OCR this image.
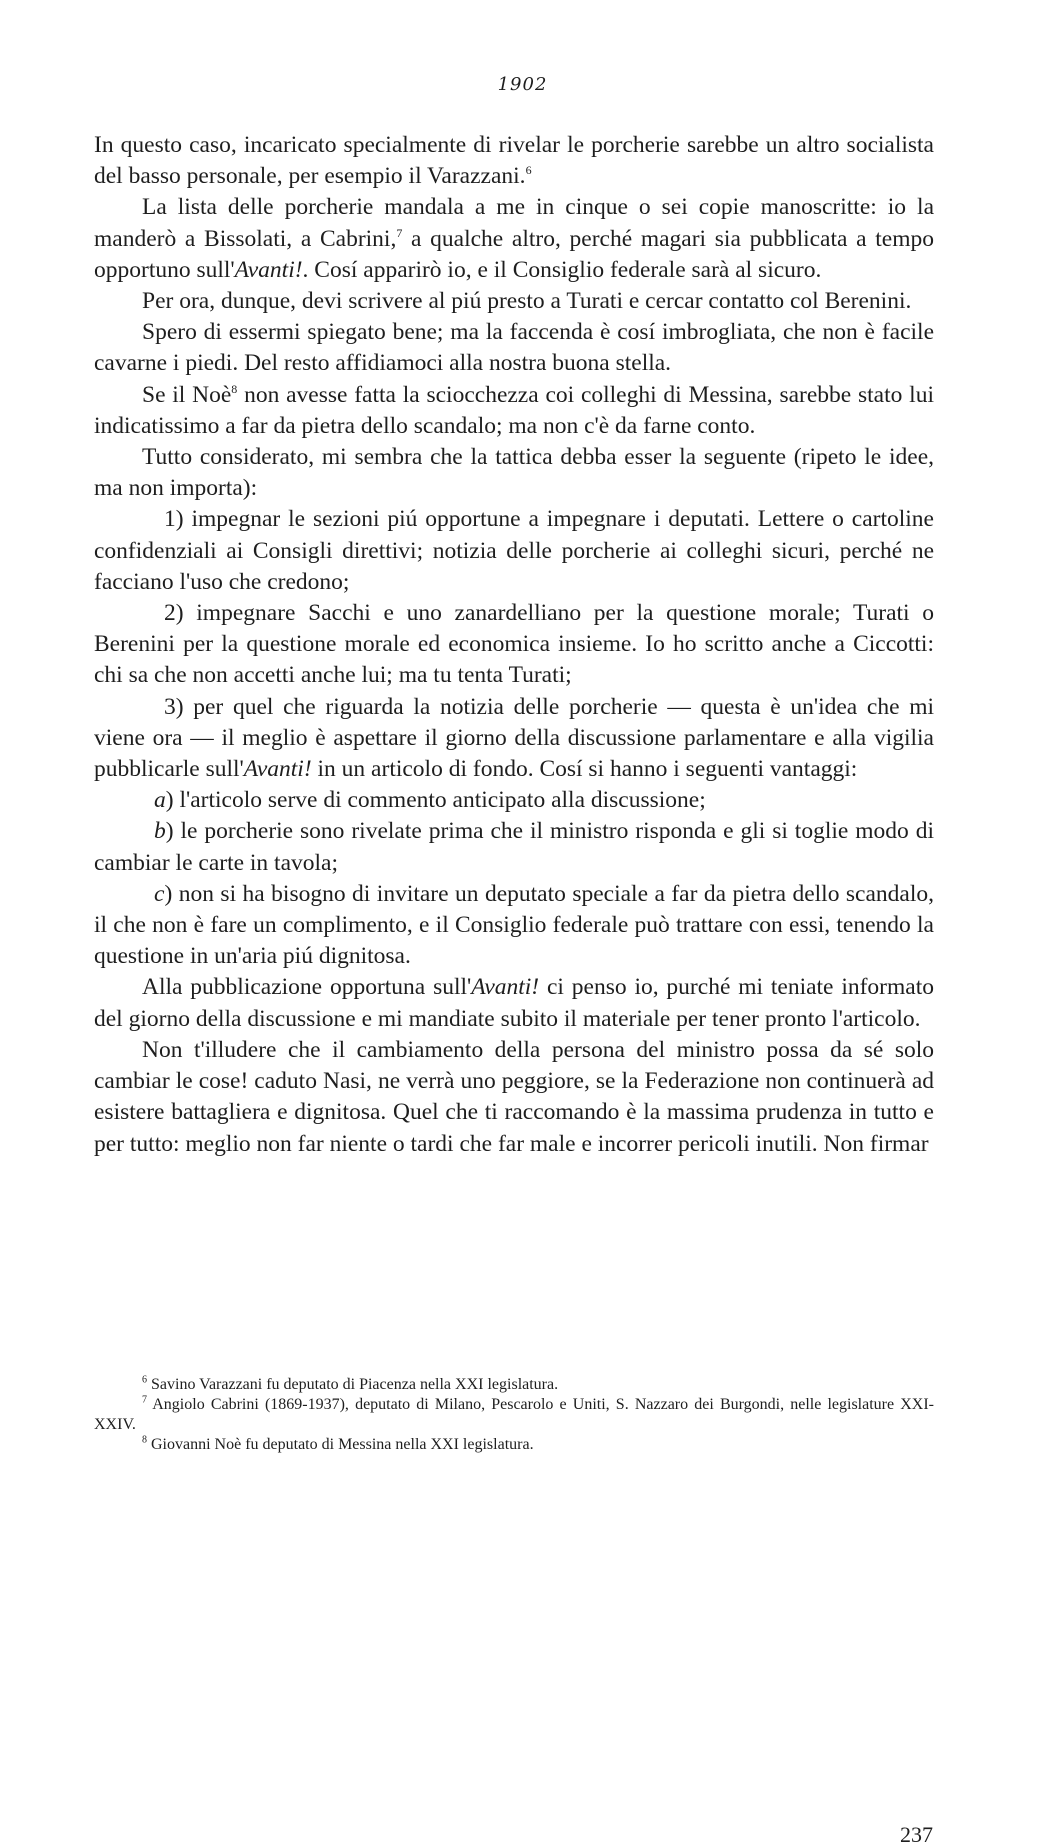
1902

In questo caso, incaricato specialmente di rivelar le porcherie sarebbe un altro socialista del basso personale, per esempio il Varazzani.$^6$

La lista delle porcherie mandala a me in cinque o sei copie manoscritte: io la manderò a Bissolati, a Cabrini,$^7$ a qualche altro, perché magari sia pubblicata a tempo opportuno sull'Avanti!. Cosí apparirò io, e il Consiglio federale sarà al sicuro.

Per ora, dunque, devi scrivere al piú presto a Turati e cercar contatto col Berenini.

Spero di essermi spiegato bene; ma la faccenda è cosí imbrogliata, che non è facile cavarne i piedi. Del resto affidiamoci alla nostra buona stella.

Se il Noè$^8$ non avesse fatta la sciocchezza coi colleghi di Messina, sarebbe stato lui indicatissimo a far da pietra dello scandalo; ma non c'è da farne conto.

Tutto considerato, mi sembra che la tattica debba esser la seguente (ripeto le idee, ma non importa):

1) impegnar le sezioni piú opportune a impegnare i deputati. Lettere o cartoline confidenziali ai Consigli direttivi; notizia delle porcherie ai colleghi sicuri, perché ne facciano l'uso che credono;

2) impegnare Sacchi e uno zanardelliano per la questione morale; Turati o Berenini per la questione morale ed economica insieme. Io ho scritto anche a Ciccotti: chi sa che non accetti anche lui; ma tu tenta Turati;

3) per quel che riguarda la notizia delle porcherie — questa è un'idea che mi viene ora — il meglio è aspettare il giorno della discussione parlamentare e alla vigilia pubblicarle sull'Avanti! in un articolo di fondo. Cosí si hanno i seguenti vantaggi:

a) l'articolo serve di commento anticipato alla discussione;

b) le porcherie sono rivelate prima che il ministro risponda e gli si toglie modo di cambiar le carte in tavola;

c) non si ha bisogno di invitare un deputato speciale a far da pietra dello scandalo, il che non è fare un complimento, e il Consiglio federale può trattare con essi, tenendo la questione in un'aria piú dignitosa.

Alla pubblicazione opportuna sull'Avanti! ci penso io, purché mi teniate informato del giorno della discussione e mi mandiate subito il materiale per tener pronto l'articolo.

Non t'illudere che il cambiamento della persona del ministro possa da sé solo cambiar le cose! caduto Nasi, ne verrà uno peggiore, se la Federazione non continuerà ad esistere battagliera e dignitosa. Quel che ti raccomando è la massima prudenza in tutto e per tutto: meglio non far niente o tardi che far male e incorrer pericoli inutili. Non firmar

$^6$ Savino Varazzani fu deputato di Piacenza nella XXI legislatura.

$^7$ Angiolo Cabrini (1869-1937), deputato di Milano, Pescarolo e Uniti, S. Nazzaro dei Burgondi, nelle legislature XXI-XXIV.

$^8$ Giovanni Noè fu deputato di Messina nella XXI legislatura.

237
